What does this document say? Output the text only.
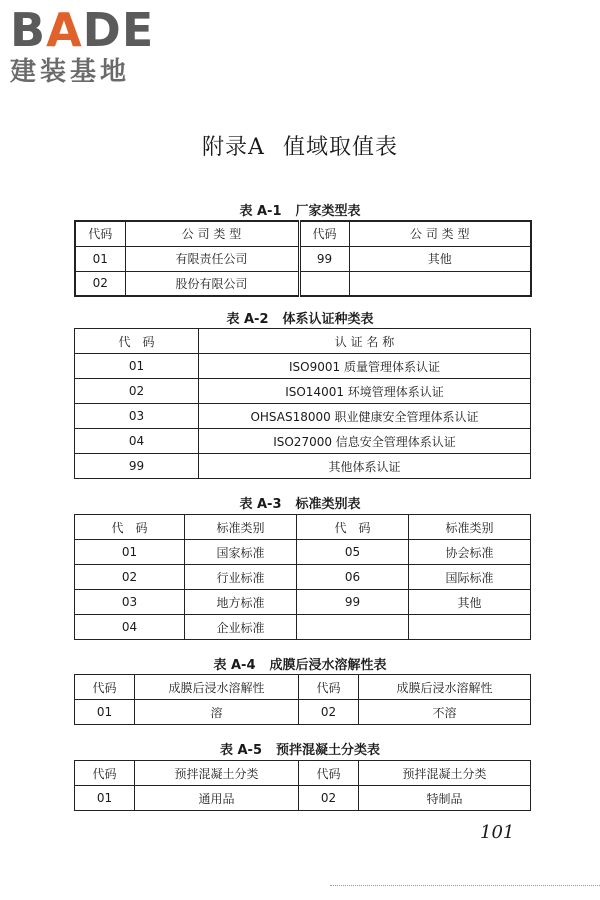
BADE
建装基地
附录A 值域取值表
表 A-1 厂家类型表
代码	公 司 类 型	代码	公 司 类 型
01	有限责任公司	99	其他
02	股份有限公司		
表 A-2 体系认证种类表
代　码	认 证 名 称
01	ISO9001 质量管理体系认证
02	ISO14001 环境管理体系认证
03	OHSAS18000 职业健康安全管理体系认证
04	ISO27000 信息安全管理体系认证
99	其他体系认证
表 A-3 标准类别表
代　码	标准类别	代　码	标准类别
01	国家标准	05	协会标准
02	行业标准	06	国际标准
03	地方标准	99	其他
04	企业标准		
表 A-4 成膜后浸水溶解性表
代码	成膜后浸水溶解性	代码	成膜后浸水溶解性
01	溶	02	不溶
表 A-5 预拌混凝土分类表
代码	预拌混凝土分类	代码	预拌混凝土分类
01	通用品	02	特制品
101
